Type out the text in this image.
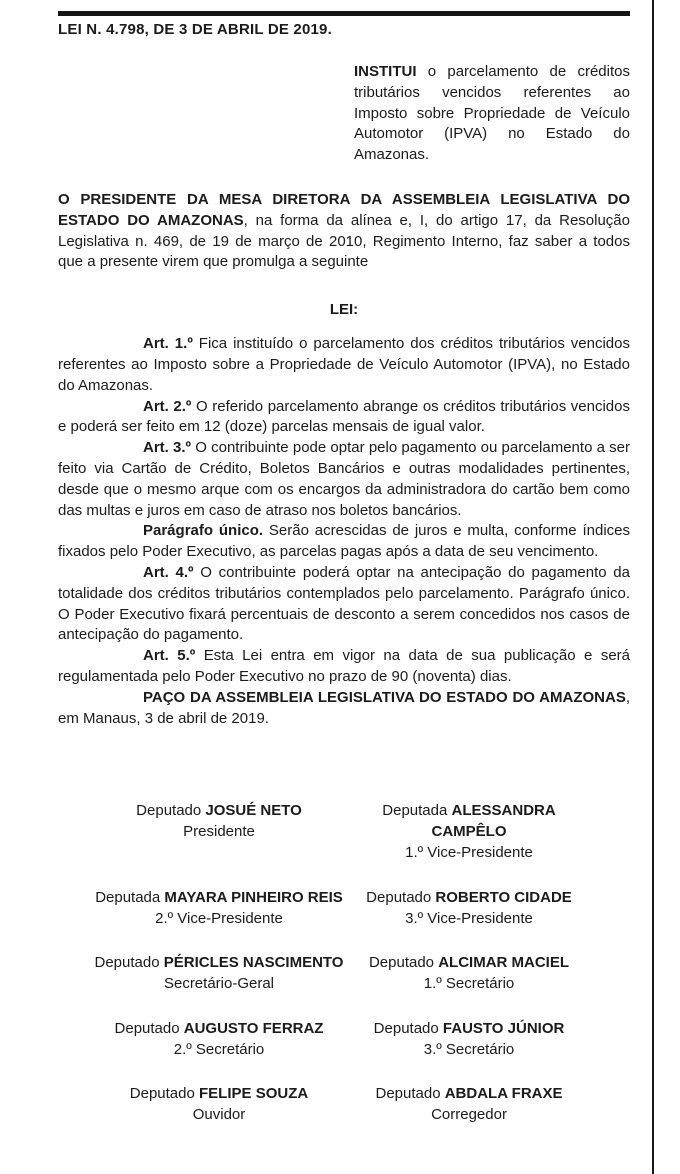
LEI N. 4.798, DE 3 DE ABRIL DE 2019.

INSTITUI o parcelamento de créditos tributários vencidos referentes ao Imposto sobre Propriedade de Veículo Automotor (IPVA) no Estado do Amazonas.

O PRESIDENTE DA MESA DIRETORA DA ASSEMBLEIA LEGISLATIVA DO ESTADO DO AMAZONAS, na forma da alínea e, I, do artigo 17, da Resolução Legislativa n. 469, de 19 de março de 2010, Regimento Interno, faz saber a todos que a presente virem que promulga a seguinte

LEI:

Art. 1.º Fica instituído o parcelamento dos créditos tributários vencidos referentes ao Imposto sobre a Propriedade de Veículo Automotor (IPVA), no Estado do Amazonas.

Art. 2.º O referido parcelamento abrange os créditos tributários vencidos e poderá ser feito em 12 (doze) parcelas mensais de igual valor.

Art. 3.º O contribuinte pode optar pelo pagamento ou parcelamento a ser feito via Cartão de Crédito, Boletos Bancários e outras modalidades pertinentes, desde que o mesmo arque com os encargos da administradora do cartão bem como das multas e juros em caso de atraso nos boletos bancários.

Parágrafo único. Serão acrescidas de juros e multa, conforme índices fixados pelo Poder Executivo, as parcelas pagas após a data de seu vencimento.

Art. 4.º O contribuinte poderá optar na antecipação do pagamento da totalidade dos créditos tributários contemplados pelo parcelamento. Parágrafo único. O Poder Executivo fixará percentuais de desconto a serem concedidos nos casos de antecipação do pagamento.

Art. 5.º Esta Lei entra em vigor na data de sua publicação e será regulamentada pelo Poder Executivo no prazo de 90 (noventa) dias.

PAÇO DA ASSEMBLEIA LEGISLATIVA DO ESTADO DO AMAZONAS, em Manaus, 3 de abril de 2019.

Deputado JOSUÉ NETO
Presidente
Deputada ALESSANDRA CAMPÊLO
1.º Vice-Presidente
Deputada MAYARA PINHEIRO REIS
2.º Vice-Presidente
Deputado ROBERTO CIDADE
3.º Vice-Presidente
Deputado PÉRICLES NASCIMENTO
Secretário-Geral
Deputado ALCIMAR MACIEL
1.º Secretário
Deputado AUGUSTO FERRAZ
2.º Secretário
Deputado FAUSTO JÚNIOR
3.º Secretário
Deputado FELIPE SOUZA
Ouvidor
Deputado ABDALA FRAXE
Corregedor
